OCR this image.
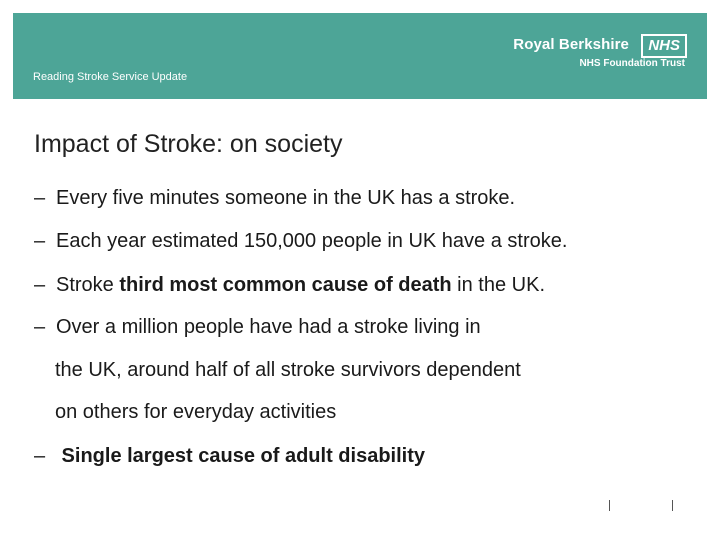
Reading Stroke Service Update
Royal Berkshire	NHS
NHS Foundation Trust
Impact of Stroke: on society
– Every five minutes someone in the UK has a stroke.
– Each year estimated 150,000 people in UK have a stroke.
– Stroke third most common cause of death in the UK.
– Over a million people have had a stroke living in
the UK, around half of all stroke survivors dependent
on others for everyday activities
– Single largest cause of adult disability
